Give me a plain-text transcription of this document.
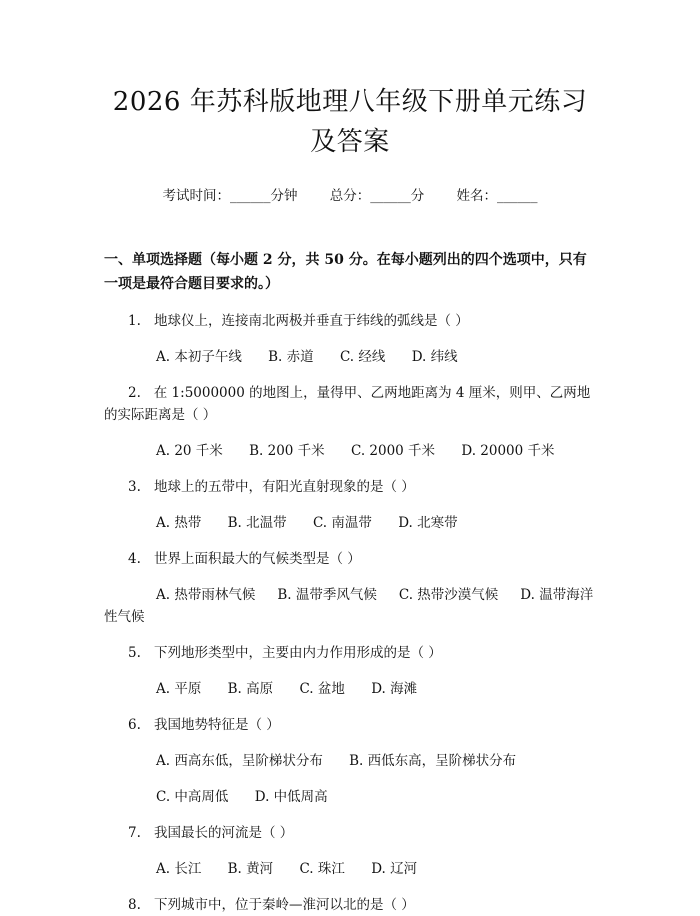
2026 年苏科版地理八年级下册单元练习及答案
考试时间：______分钟 总分：______分 姓名：______
一、单项选择题（每小题 2 分，共 50 分。在每小题列出的四个选项中，只有一项是最符合题目要求的。）
1. 地球仪上，连接南北两极并垂直于纬线的弧线是（ ）
A. 本初子午线 B. 赤道 C. 经线 D. 纬线
2. 在 1:5000000 的地图上，量得甲、乙两地距离为 4 厘米，则甲、乙两地的实际距离是（ ）
A. 20 千米 B. 200 千米 C. 2000 千米 D. 20000 千米
3. 地球上的五带中，有阳光直射现象的是（ ）
A. 热带 B. 北温带 C. 南温带 D. 北寒带
4. 世界上面积最大的气候类型是（ ）
A. 热带雨林气候 B. 温带季风气候 C. 热带沙漠气候 D. 温带海洋性气候
5. 下列地形类型中，主要由内力作用形成的是（ ）
A. 平原 B. 高原 C. 盆地 D. 海滩
6. 我国地势特征是（ ）
A. 西高东低，呈阶梯状分布 B. 西低东高，呈阶梯状分布
C. 中高周低 D. 中低周高
7. 我国最长的河流是（ ）
A. 长江 B. 黄河 C. 珠江 D. 辽河
8. 下列城市中，位于秦岭—淮河以北的是（ ）
